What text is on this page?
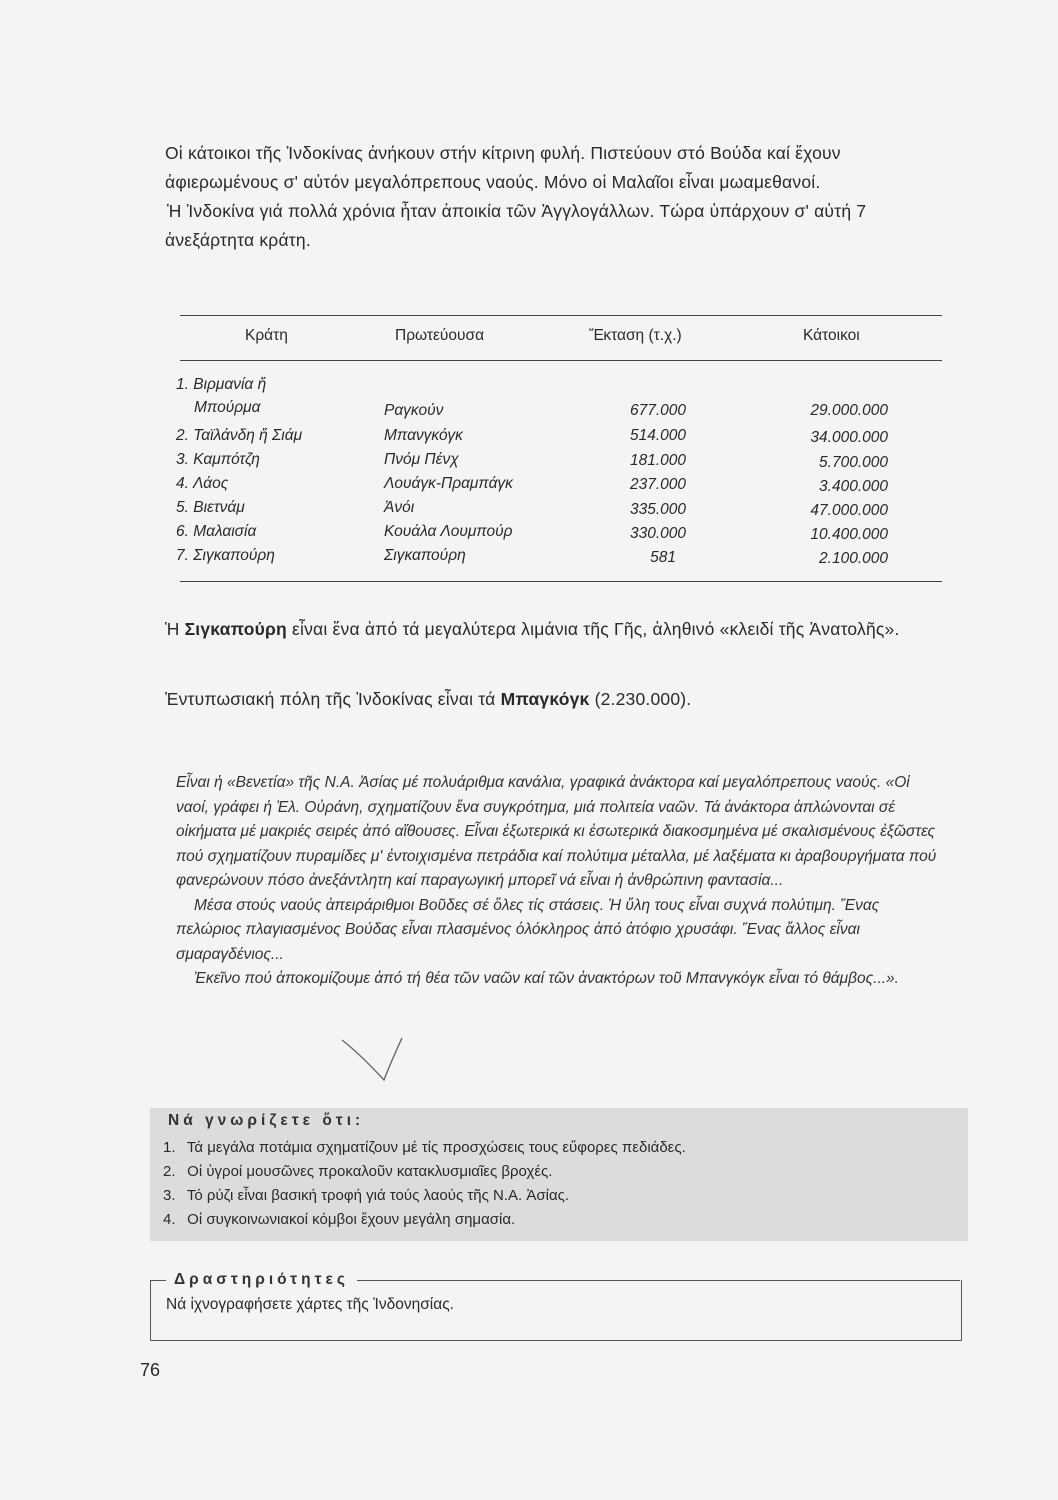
Οἱ κάτοικοι τῆς Ἰνδοκίνας ἀνήκουν στήν κίτρινη φυλή. Πιστεύουν στό Βούδα καί ἔχουν ἀφιερωμένους σ' αὐτόν μεγαλόπρεπους ναούς. Μόνο οἱ Μαλαῖοι εἶναι μωαμεθανοί.

Ἡ Ἰνδοκίνα γιά πολλά χρόνια ἦταν ἀποικία τῶν Ἀγγλογάλλων. Τώρα ὑπάρχουν σ' αὐτή 7 ἀνεξάρτητα κράτη.

Κράτη	Πρωτεύουσα	Ἔκταση (τ.χ.)	Κάτοικοι
1. Βιρμανία ἤ
Μπούρμα	Ραγκούν	677.000	29.000.000
2. Ταϊλάνδη ἤ Σιάμ	Μπανγκόγκ	514.000	34.000.000
3. Καμπότζη	Πνόμ Πένχ	181.000	5.700.000
4. Λάος	Λουάγκ-Πραμπάγκ	237.000	3.400.000
5. Βιετνάμ	Ἀνόι	335.000	47.000.000
6. Μαλαισία	Κουάλα Λουμπούρ	330.000	10.400.000
7. Σιγκαπούρη	Σιγκαπούρη	581	2.100.000

Ἡ Σιγκαπούρη εἶναι ἕνα ἀπό τά μεγαλύτερα λιμάνια τῆς Γῆς, ἀληθινό «κλειδί τῆς Ἀνατολῆς».

Ἐντυπωσιακή πόλη τῆς Ἰνδοκίνας εἶναι τά Μπαγκόγκ (2.230.000).

Εἶναι ἡ «Βενετία» τῆς Ν.Α. Ἀσίας μέ πολυάριθμα κανάλια, γραφικά ἀνάκτορα καί μεγαλόπρεπους ναούς. «Οἱ ναοί, γράφει ἡ Ἐλ. Οὐράνη, σχηματίζουν ἕνα συγκρότημα, μιά πολιτεία ναῶν. Τά ἀνάκτορα ἁπλώνονται σέ οἰκήματα μέ μακριές σειρές ἀπό αἴθουσες. Εἶναι ἐξωτερικά κι ἐσωτερικά διακοσμημένα μέ σκαλισμένους ἐξῶστες πού σχηματίζουν πυραμίδες μ' ἐντοιχισμένα πετράδια καί πολύτιμα μέταλλα, μέ λαξέματα κι ἀραβουργήματα πού φανερώνουν πόσο ἀνεξάντλητη καί παραγωγική μπορεῖ νά εἶναι ἡ ἀνθρώπινη φαντασία...

Μέσα στούς ναούς ἀπειράριθμοι Βοῦδες σέ ὅλες τίς στάσεις. Ἡ ὕλη τους εἶναι συχνά πολύτιμη. Ἕνας πελώριος πλαγιασμένος Βούδας εἶναι πλασμένος ὁλόκληρος ἀπό ἀτόφιο χρυσάφι. Ἕνας ἄλλος εἶναι σμαραγδένιος...

Ἐκεῖνο πού ἀποκομίζουμε ἀπό τή θέα τῶν ναῶν καί τῶν ἀνακτόρων τοῦ Μπανγκόγκ εἶναι τό θάμβος...».

Νά γνωρίζετε ὅτι:
1. Τά μεγάλα ποτάμια σχηματίζουν μέ τίς προσχώσεις τους εὔφορες πεδιάδες.
2. Οἱ ὑγροί μουσῶνες προκαλοῦν κατακλυσμιαῖες βροχές.
3. Τό ρύζι εἶναι βασική τροφή γιά τούς λαούς τῆς Ν.Α. Ἀσίας.
4. Οἱ συγκοινωνιακοί κόμβοι ἔχουν μεγάλη σημασία.
Δραστηριότητες
Νά ἰχνογραφήσετε χάρτες τῆς Ἰνδονησίας.
76
